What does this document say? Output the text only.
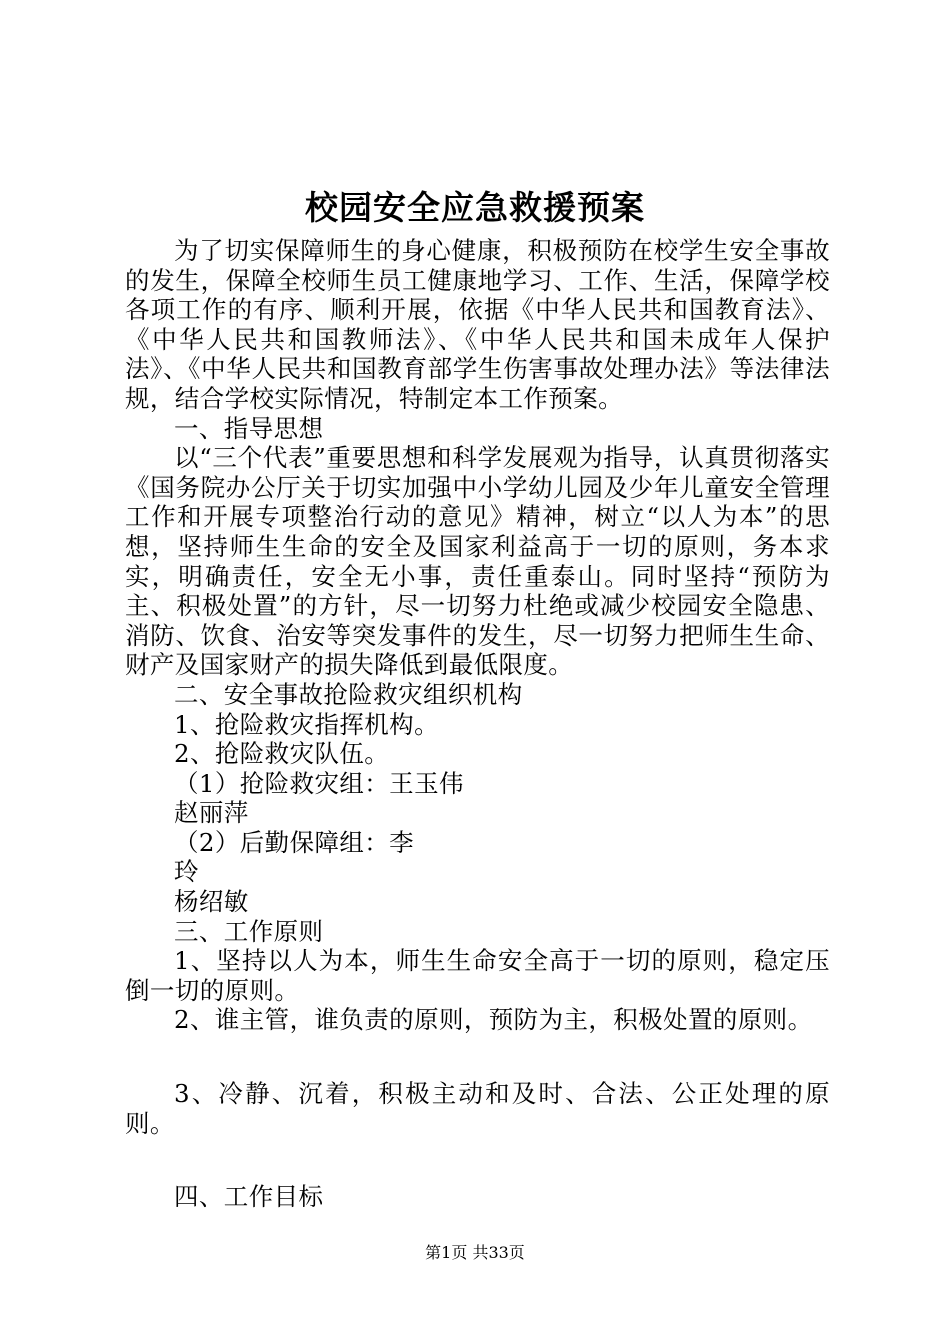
校园安全应急救援预案

为了切实保障师生的身心健康，积极预防在校学生安全事故的发生，保障全校师生员工健康地学习、工作、生活，保障学校各项工作的有序、顺利开展，依据《中华人民共和国教育法》、《中华人民共和国教师法》、《中华人民共和国未成年人保护法》、《中华人民共和国教育部学生伤害事故处理办法》等法律法规，结合学校实际情况，特制定本工作预案。

一、指导思想

以“三个代表”重要思想和科学发展观为指导，认真贯彻落实《国务院办公厅关于切实加强中小学幼儿园及少年儿童安全管理工作和开展专项整治行动的意见》精神，树立“以人为本”的思想，坚持师生生命的安全及国家利益高于一切的原则，务本求实，明确责任，安全无小事，责任重泰山。同时坚持“预防为主、积极处置”的方针，尽一切努力杜绝或减少校园安全隐患、消防、饮食、治安等突发事件的发生，尽一切努力把师生生命、财产及国家财产的损失降低到最低限度。

二、安全事故抢险救灾组织机构

1、抢险救灾指挥机构。

2、抢险救灾队伍。

（1）抢险救灾组：王玉伟

赵丽萍

（2）后勤保障组：李

玲

杨绍敏

三、工作原则

1、坚持以人为本，师生生命安全高于一切的原则，稳定压倒一切的原则。

2、谁主管，谁负责的原则，预防为主，积极处置的原则。

3、冷静、沉着，积极主动和及时、合法、公正处理的原则。

四、工作目标

第1页 共33页
